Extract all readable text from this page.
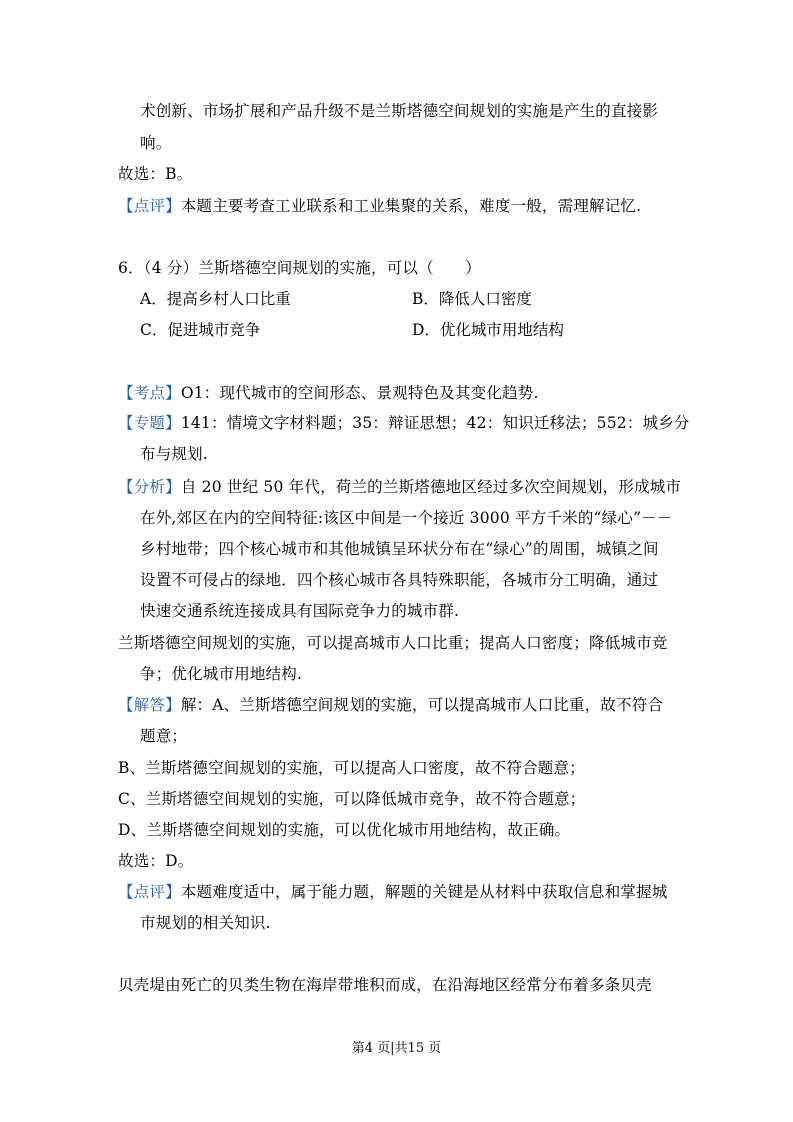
术创新、市场扩展和产品升级不是兰斯塔德空间规划的实施是产生的直接影
响。
故选：B。
【点评】本题主要考查工业联系和工业集聚的关系，难度一般，需理解记忆.
6．（4 分）兰斯塔德空间规划的实施，可以（　　）
A．提高乡村人口比重	B．降低人口密度
C．促进城市竞争	D．优化城市用地结构
【考点】O1：现代城市的空间形态、景观特色及其变化趋势.
【专题】141：情境文字材料题；35：辩证思想；42：知识迁移法；552：城乡分
布与规划.
【分析】自 20 世纪 50 年代，荷兰的兰斯塔德地区经过多次空间规划，形成城市
在外,郊区在内的空间特征:该区中间是一个接近 3000 平方千米的“绿心”－－
乡村地带；四个核心城市和其他城镇呈环状分布在“绿心”的周围，城镇之间
设置不可侵占的绿地．四个核心城市各具特殊职能，各城市分工明确，通过
快速交通系统连接成具有国际竞争力的城市群.
兰斯塔德空间规划的实施，可以提高城市人口比重；提高人口密度；降低城市竞
争；优化城市用地结构.
【解答】解：A、兰斯塔德空间规划的实施，可以提高城市人口比重，故不符合
题意；
B、兰斯塔德空间规划的实施，可以提高人口密度，故不符合题意；
C、兰斯塔德空间规划的实施，可以降低城市竞争，故不符合题意；
D、兰斯塔德空间规划的实施，可以优化城市用地结构，故正确。
故选：D。
【点评】本题难度适中，属于能力题，解题的关键是从材料中获取信息和掌握城
市规划的相关知识.
贝壳堤由死亡的贝类生物在海岸带堆积而成，在沿海地区经常分布着多条贝壳
第4 页|共15 页
